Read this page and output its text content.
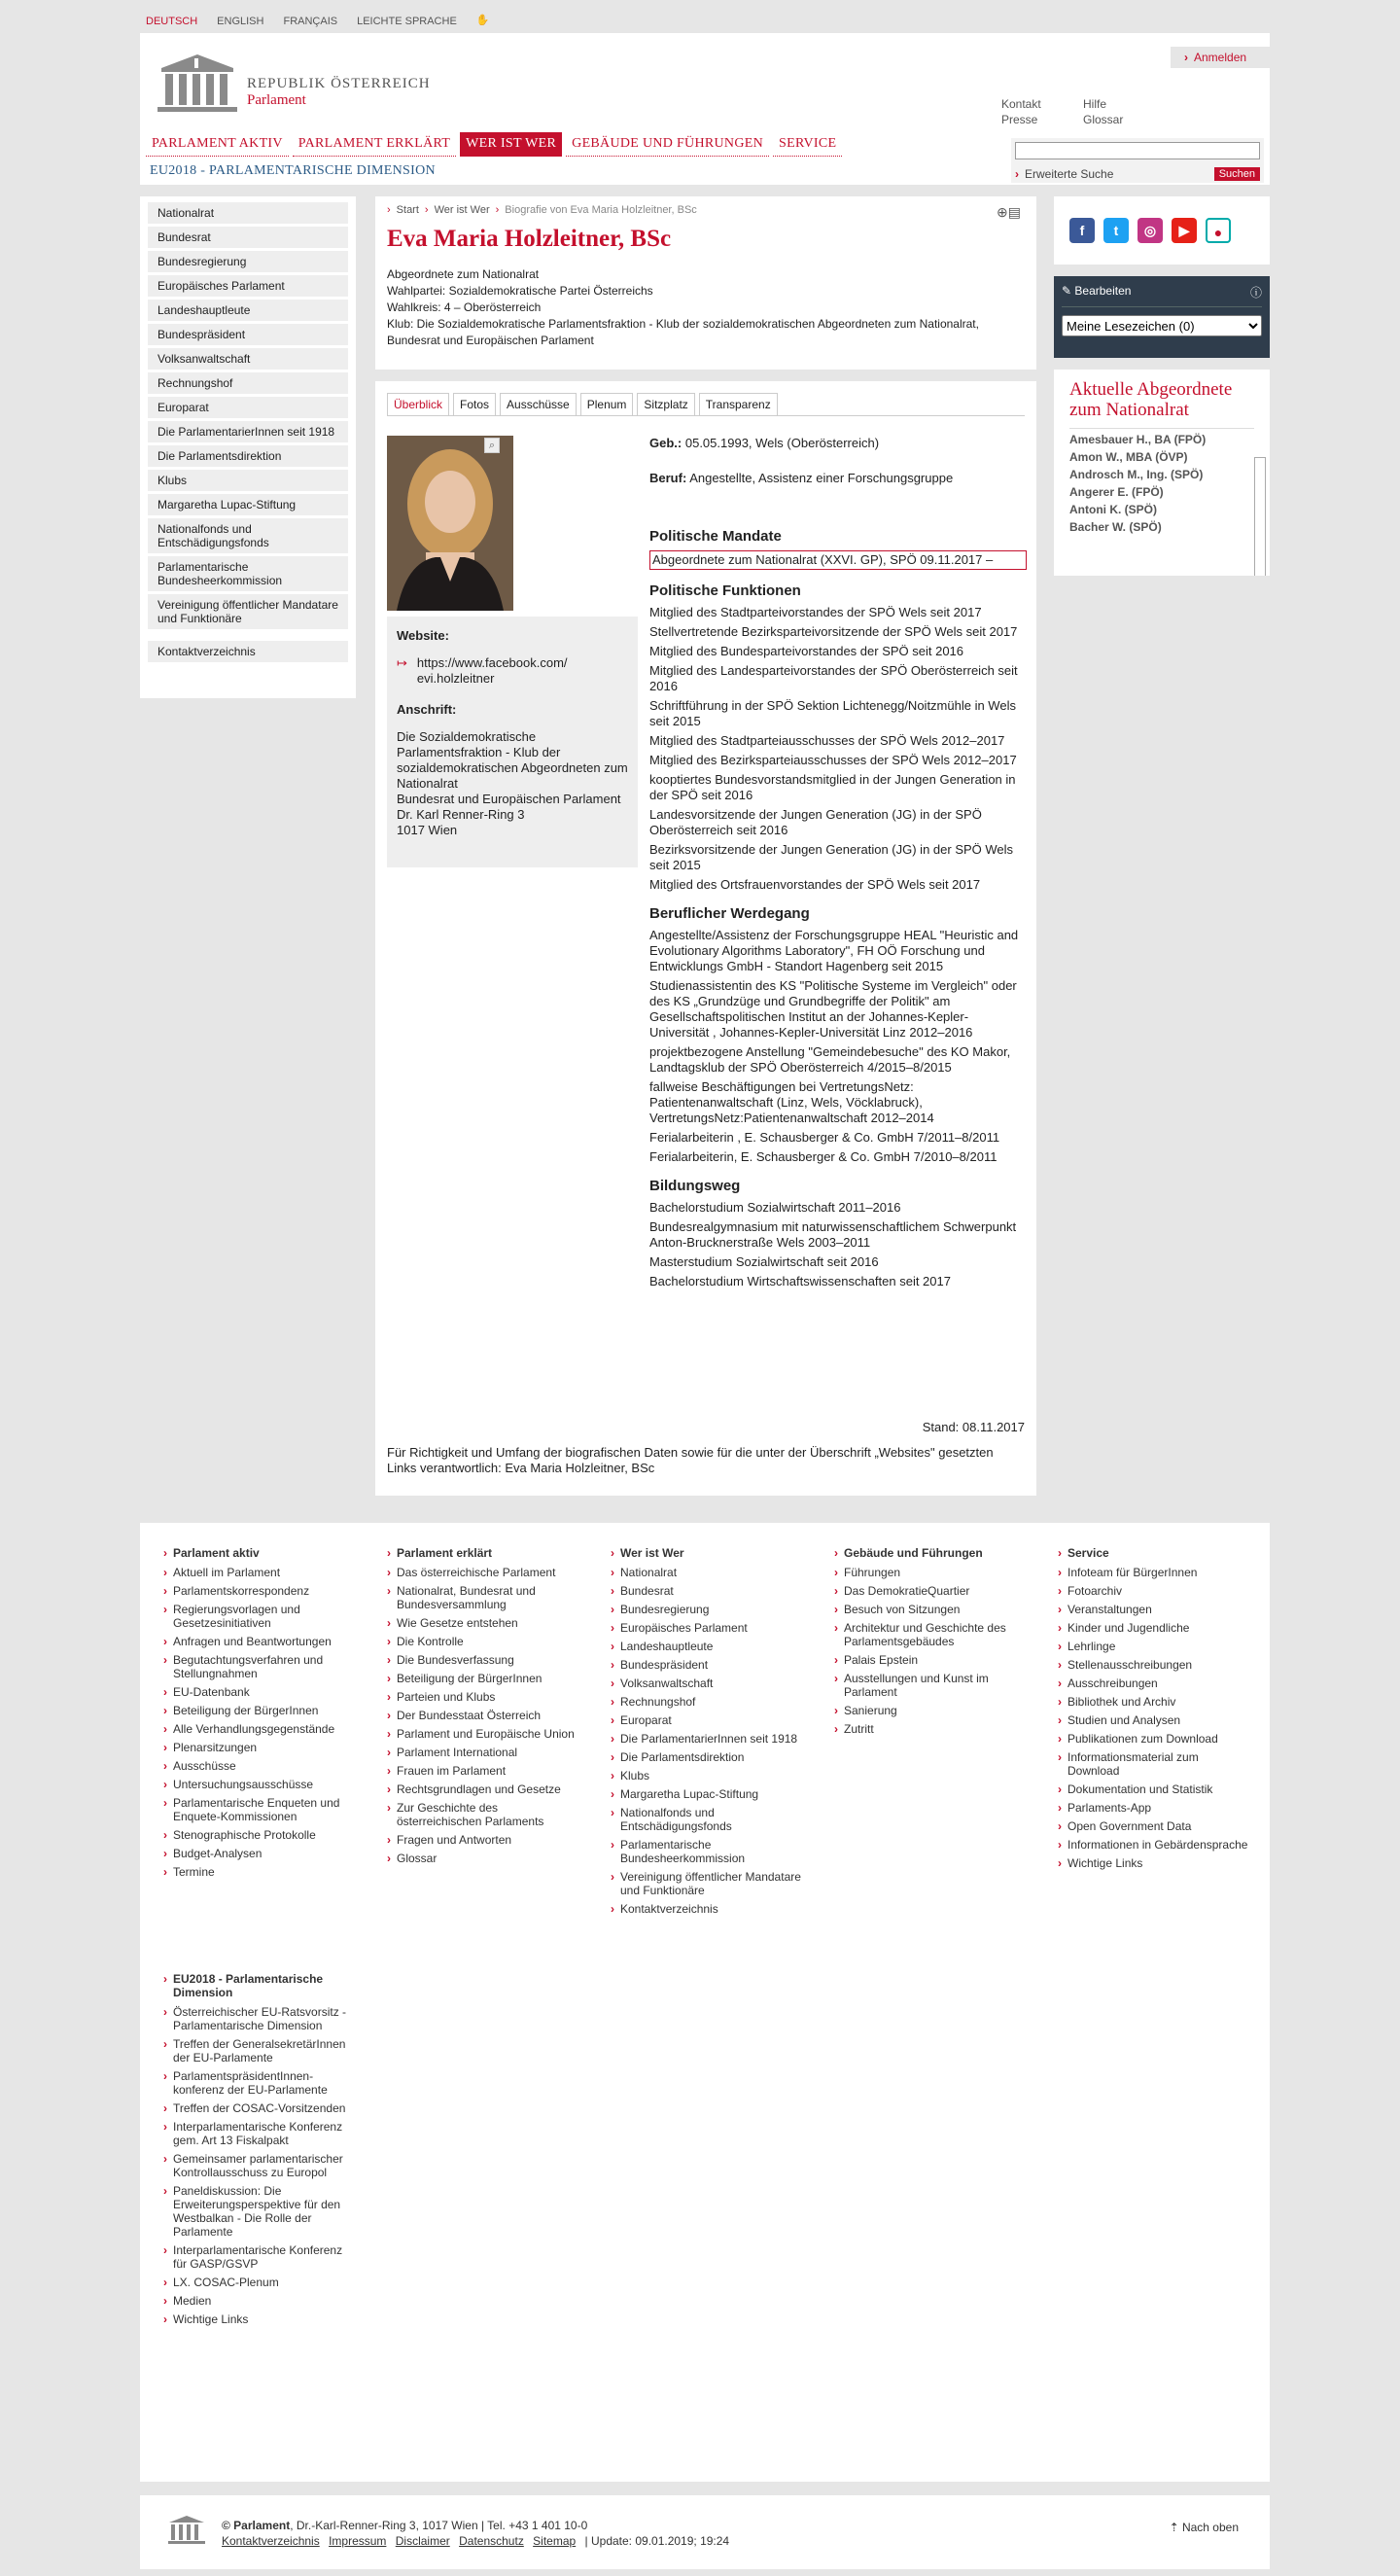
DEUTSCH ENGLISH FRANÇAIS LEICHTE SPRACHE ✋
REPUBLIK ÖSTERREICH
Parlament
› Anmelden
Kontakt	Hilfe
Presse	Glossar
PARLAMENT AKTIV	PARLAMENT ERKLÄRT	WER IST WER	GEBÄUDE UND FÜHRUNGEN	SERVICE
EU2018 - PARLAMENTARISCHE DIMENSION	› Erweiterte Suche	Suchen
Nationalrat
Bundesrat
Bundesregierung
Europäisches Parlament
Landeshauptleute
Bundespräsident
Volksanwaltschaft
Rechnungshof
Europarat
Die ParlamentarierInnen seit 1918
Die Parlamentsdirektion
Klubs
Margaretha Lupac-Stiftung
Nationalfonds und Entschädigungsfonds
Parlamentarische Bundesheerkommission
Vereinigung öffentlicher Mandatare und Funktionäre
Kontaktverzeichnis
› Start › Wer ist Wer › Biografie von Eva Maria Holzleitner, BSc	⊕▤
Eva Maria Holzleitner, BSc
Abgeordnete zum Nationalrat
Wahlpartei: Sozialdemokratische Partei Österreichs
Wahlkreis: 4 – Oberösterreich
Klub: Die Sozialdemokratische Parlamentsfraktion - Klub der sozialdemokratischen Abgeordneten zum Nationalrat, Bundesrat und Europäischen Parlament
Überblick	Fotos	Ausschüsse	Plenum	Sitzplatz	Transparenz
⌕
Website:
↦ https://www.facebook.com/ evi.holzleitner
Anschrift:
Die Sozialdemokratische Parlamentsfraktion - Klub der sozialdemokratischen Abgeordneten zum Nationalrat
Bundesrat und Europäischen Parlament
Dr. Karl Renner-Ring 3
1017 Wien
Geb.: 05.05.1993, Wels (Oberösterreich)
Beruf: Angestellte, Assistenz einer Forschungsgruppe
Politische Mandate
Abgeordnete zum Nationalrat (XXVI. GP), SPÖ 09.11.2017 –
Politische Funktionen
Mitglied des Stadtparteivorstandes der SPÖ Wels seit 2017
Stellvertretende Bezirksparteivorsitzende der SPÖ Wels seit 2017
Mitglied des Bundesparteivorstandes der SPÖ seit 2016
Mitglied des Landesparteivorstandes der SPÖ Oberösterreich seit 2016
Schriftführung in der SPÖ Sektion Lichtenegg/Noitzmühle in Wels seit 2015
Mitglied des Stadtparteiausschusses der SPÖ Wels 2012–2017
Mitglied des Bezirksparteiausschusses der SPÖ Wels 2012–2017
kooptiertes Bundesvorstandsmitglied in der Jungen Generation in der SPÖ seit 2016
Landesvorsitzende der Jungen Generation (JG) in der SPÖ Oberösterreich seit 2016
Bezirksvorsitzende der Jungen Generation (JG) in der SPÖ Wels seit 2015
Mitglied des Ortsfrauenvorstandes der SPÖ Wels seit 2017
Beruflicher Werdegang
Angestellte/Assistenz der Forschungsgruppe HEAL "Heuristic and Evolutionary Algorithms Laboratory", FH OÖ Forschung und Entwicklungs GmbH - Standort Hagenberg seit 2015
Studienassistentin des KS "Politische Systeme im Vergleich" oder des KS „Grundzüge und Grundbegriffe der Politik" am Gesellschaftspolitischen Institut an der Johannes-Kepler-Universität , Johannes-Kepler-Universität Linz 2012–2016
projektbezogene Anstellung "Gemeindebesuche" des KO Makor, Landtagsklub der SPÖ Oberösterreich 4/2015–8/2015
fallweise Beschäftigungen bei VertretungsNetz: Patientenanwaltschaft (Linz, Wels, Vöcklabruck), VertretungsNetz:Patientenanwaltschaft 2012–2014
Ferialarbeiterin , E. Schausberger & Co. GmbH 7/2011–8/2011
Ferialarbeiterin, E. Schausberger & Co. GmbH 7/2010–8/2011
Bildungsweg
Bachelorstudium Sozialwirtschaft 2011–2016
Bundesrealgymnasium mit naturwissenschaftlichem Schwerpunkt Anton-Brucknerstraße Wels 2003–2011
Masterstudium Sozialwirtschaft seit 2016
Bachelorstudium Wirtschaftswissenschaften seit 2017
Stand: 08.11.2017
Für Richtigkeit und Umfang der biografischen Daten sowie für die unter der Überschrift „Websites" gesetzten Links verantwortlich: Eva Maria Holzleitner, BSc
f	t	◎	▶	●
✎ Bearbeiten	ⓘ
Meine Lesezeichen (0)
Aktuelle Abgeordnete zum Nationalrat
Amesbauer H., BA (FPÖ)
Amon W., MBA (ÖVP)
Androsch M., Ing. (SPÖ)
Angerer E. (FPÖ)
Antoni K. (SPÖ)
Bacher W. (SPÖ)
› Parlament aktiv
› Aktuell im Parlament
› Parlamentskorrespondenz
› Regierungsvorlagen und Gesetzesinitiativen
› Anfragen und Beantwortungen
› Begutachtungsverfahren und Stellungnahmen
› EU-Datenbank
› Beteiligung der BürgerInnen
› Alle Verhandlungsgegenstände
› Plenarsitzungen
› Ausschüsse
› Untersuchungsausschüsse
› Parlamentarische Enqueten und Enquete-Kommissionen
› Stenographische Protokolle
› Budget-Analysen
› Termine
› Parlament erklärt
› Das österreichische Parlament
› Nationalrat, Bundesrat und Bundesversammlung
› Wie Gesetze entstehen
› Die Kontrolle
› Die Bundesverfassung
› Beteiligung der BürgerInnen
› Parteien und Klubs
› Der Bundesstaat Österreich
› Parlament und Europäische Union
› Parlament International
› Frauen im Parlament
› Rechtsgrundlagen und Gesetze
› Zur Geschichte des österreichischen Parlaments
› Fragen und Antworten
› Glossar
› Wer ist Wer
› Nationalrat
› Bundesrat
› Bundesregierung
› Europäisches Parlament
› Landeshauptleute
› Bundespräsident
› Volksanwaltschaft
› Rechnungshof
› Europarat
› Die ParlamentarierInnen seit 1918
› Die Parlamentsdirektion
› Klubs
› Margaretha Lupac-Stiftung
› Nationalfonds und Entschädigungsfonds
› Parlamentarische Bundesheerkommission
› Vereinigung öffentlicher Mandatare und Funktionäre
› Kontaktverzeichnis
› Gebäude und Führungen
› Führungen
› Das DemokratieQuartier
› Besuch von Sitzungen
› Architektur und Geschichte des Parlamentsgebäudes
› Palais Epstein
› Ausstellungen und Kunst im Parlament
› Sanierung
› Zutritt
› Service
› Infoteam für BürgerInnen
› Fotoarchiv
› Veranstaltungen
› Kinder und Jugendliche
› Lehrlinge
› Stellenausschreibungen
› Ausschreibungen
› Bibliothek und Archiv
› Studien und Analysen
› Publikationen zum Download
› Informationsmaterial zum Download
› Dokumentation und Statistik
› Parlaments-App
› Open Government Data
› Informationen in Gebärdensprache
› Wichtige Links
› EU2018 - Parlamentarische Dimension
› Österreichischer EU-Ratsvorsitz - Parlamentarische Dimension
› Treffen der GeneralsekretärInnen der EU-Parlamente
› ParlamentspräsidentInnen-konferenz der EU-Parlamente
› Treffen der COSAC-Vorsitzenden
› Interparlamentarische Konferenz gem. Art 13 Fiskalpakt
› Gemeinsamer parlamentarischer Kontrollausschuss zu Europol
› Paneldiskussion: Die Erweiterungsperspektive für den Westbalkan - Die Rolle der Parlamente
› Interparlamentarische Konferenz für GASP/GSVP
› LX. COSAC-Plenum
› Medien
› Wichtige Links
© Parlament, Dr.-Karl-Renner-Ring 3, 1017 Wien | Tel. +43 1 401 10-0
Kontaktverzeichnis Impressum Disclaimer Datenschutz Sitemap | Update: 09.01.2019; 19:24
⇡ Nach oben
